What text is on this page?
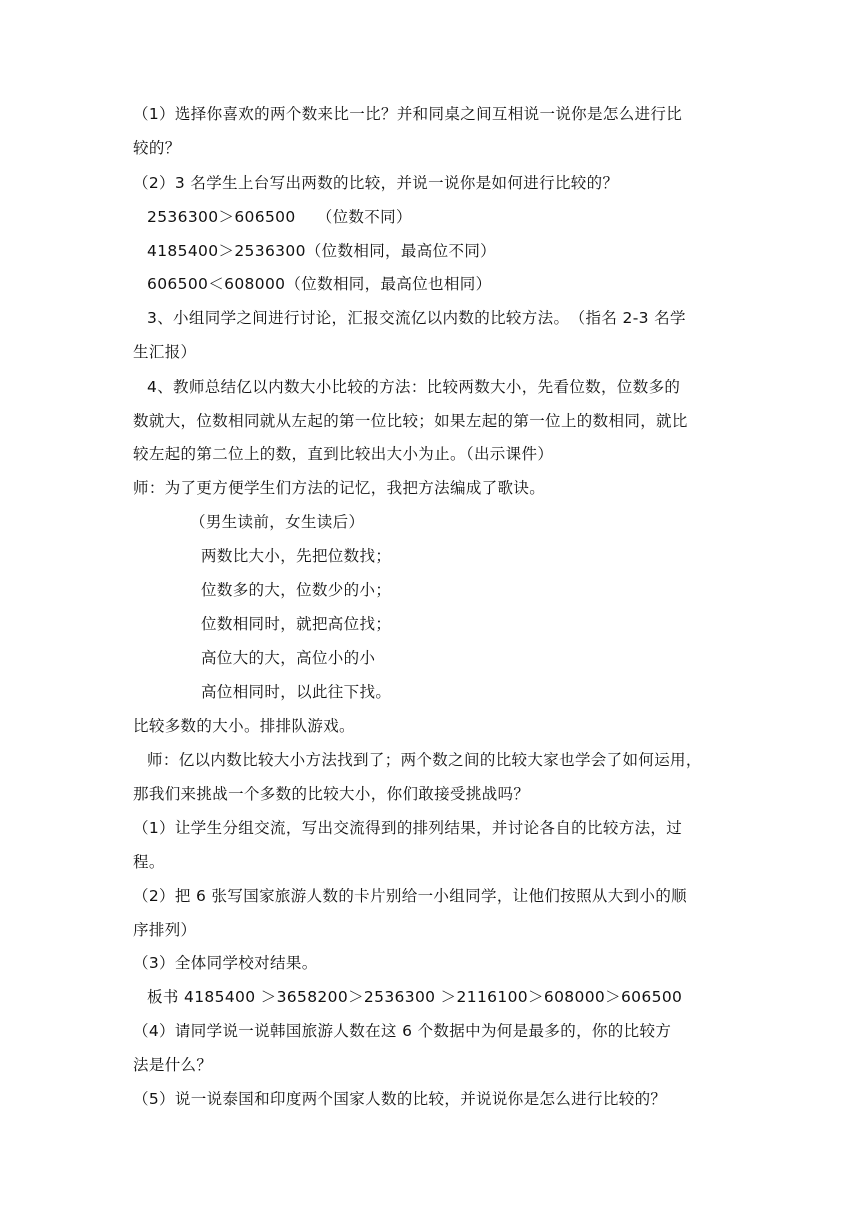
（1）选择你喜欢的两个数来比一比？并和同桌之间互相说一说你是怎么进行比
较的？
（2）3 名学生上台写出两数的比较，并说一说你是如何进行比较的？
2536300＞606500　 （位数不同）
4185400＞2536300（位数相同，最高位不同）
606500＜608000（位数相同，最高位也相同）
3、小组同学之间进行讨论，汇报交流亿以内数的比较方法。　（指名 2-3 名学
生汇报）
4、教师总结亿以内数大小比较的方法：比较两数大小，先看位数，位数多的
数就大，位数相同就从左起的第一位比较；如果左起的第一位上的数相同，就比
较左起的第二位上的数，直到比较出大小为止。（出示课件）
师：为了更方便学生们方法的记忆，我把方法编成了歌诀。
（男生读前，女生读后）
两数比大小，先把位数找；
位数多的大，位数少的小；
位数相同时，就把高位找；
高位大的大，高位小的小
高位相同时，以此往下找。
比较多数的大小。排排队游戏。
师：亿以内数比较大小方法找到了；两个数之间的比较大家也学会了如何运用，
那我们来挑战一个多数的比较大小，你们敢接受挑战吗？
（1）让学生分组交流，写出交流得到的排列结果，并讨论各自的比较方法，过
程。
（2）把 6 张写国家旅游人数的卡片别给一小组同学，让他们按照从大到小的顺
序排列）
（3）全体同学校对结果。
板书 4185400 ＞3658200＞2536300 ＞2116100＞608000＞606500
（4）请同学说一说韩国旅游人数在这 6 个数据中为何是最多的，你的比较方
法是什么？
（5）说一说泰国和印度两个国家人数的比较，并说说你是怎么进行比较的？
